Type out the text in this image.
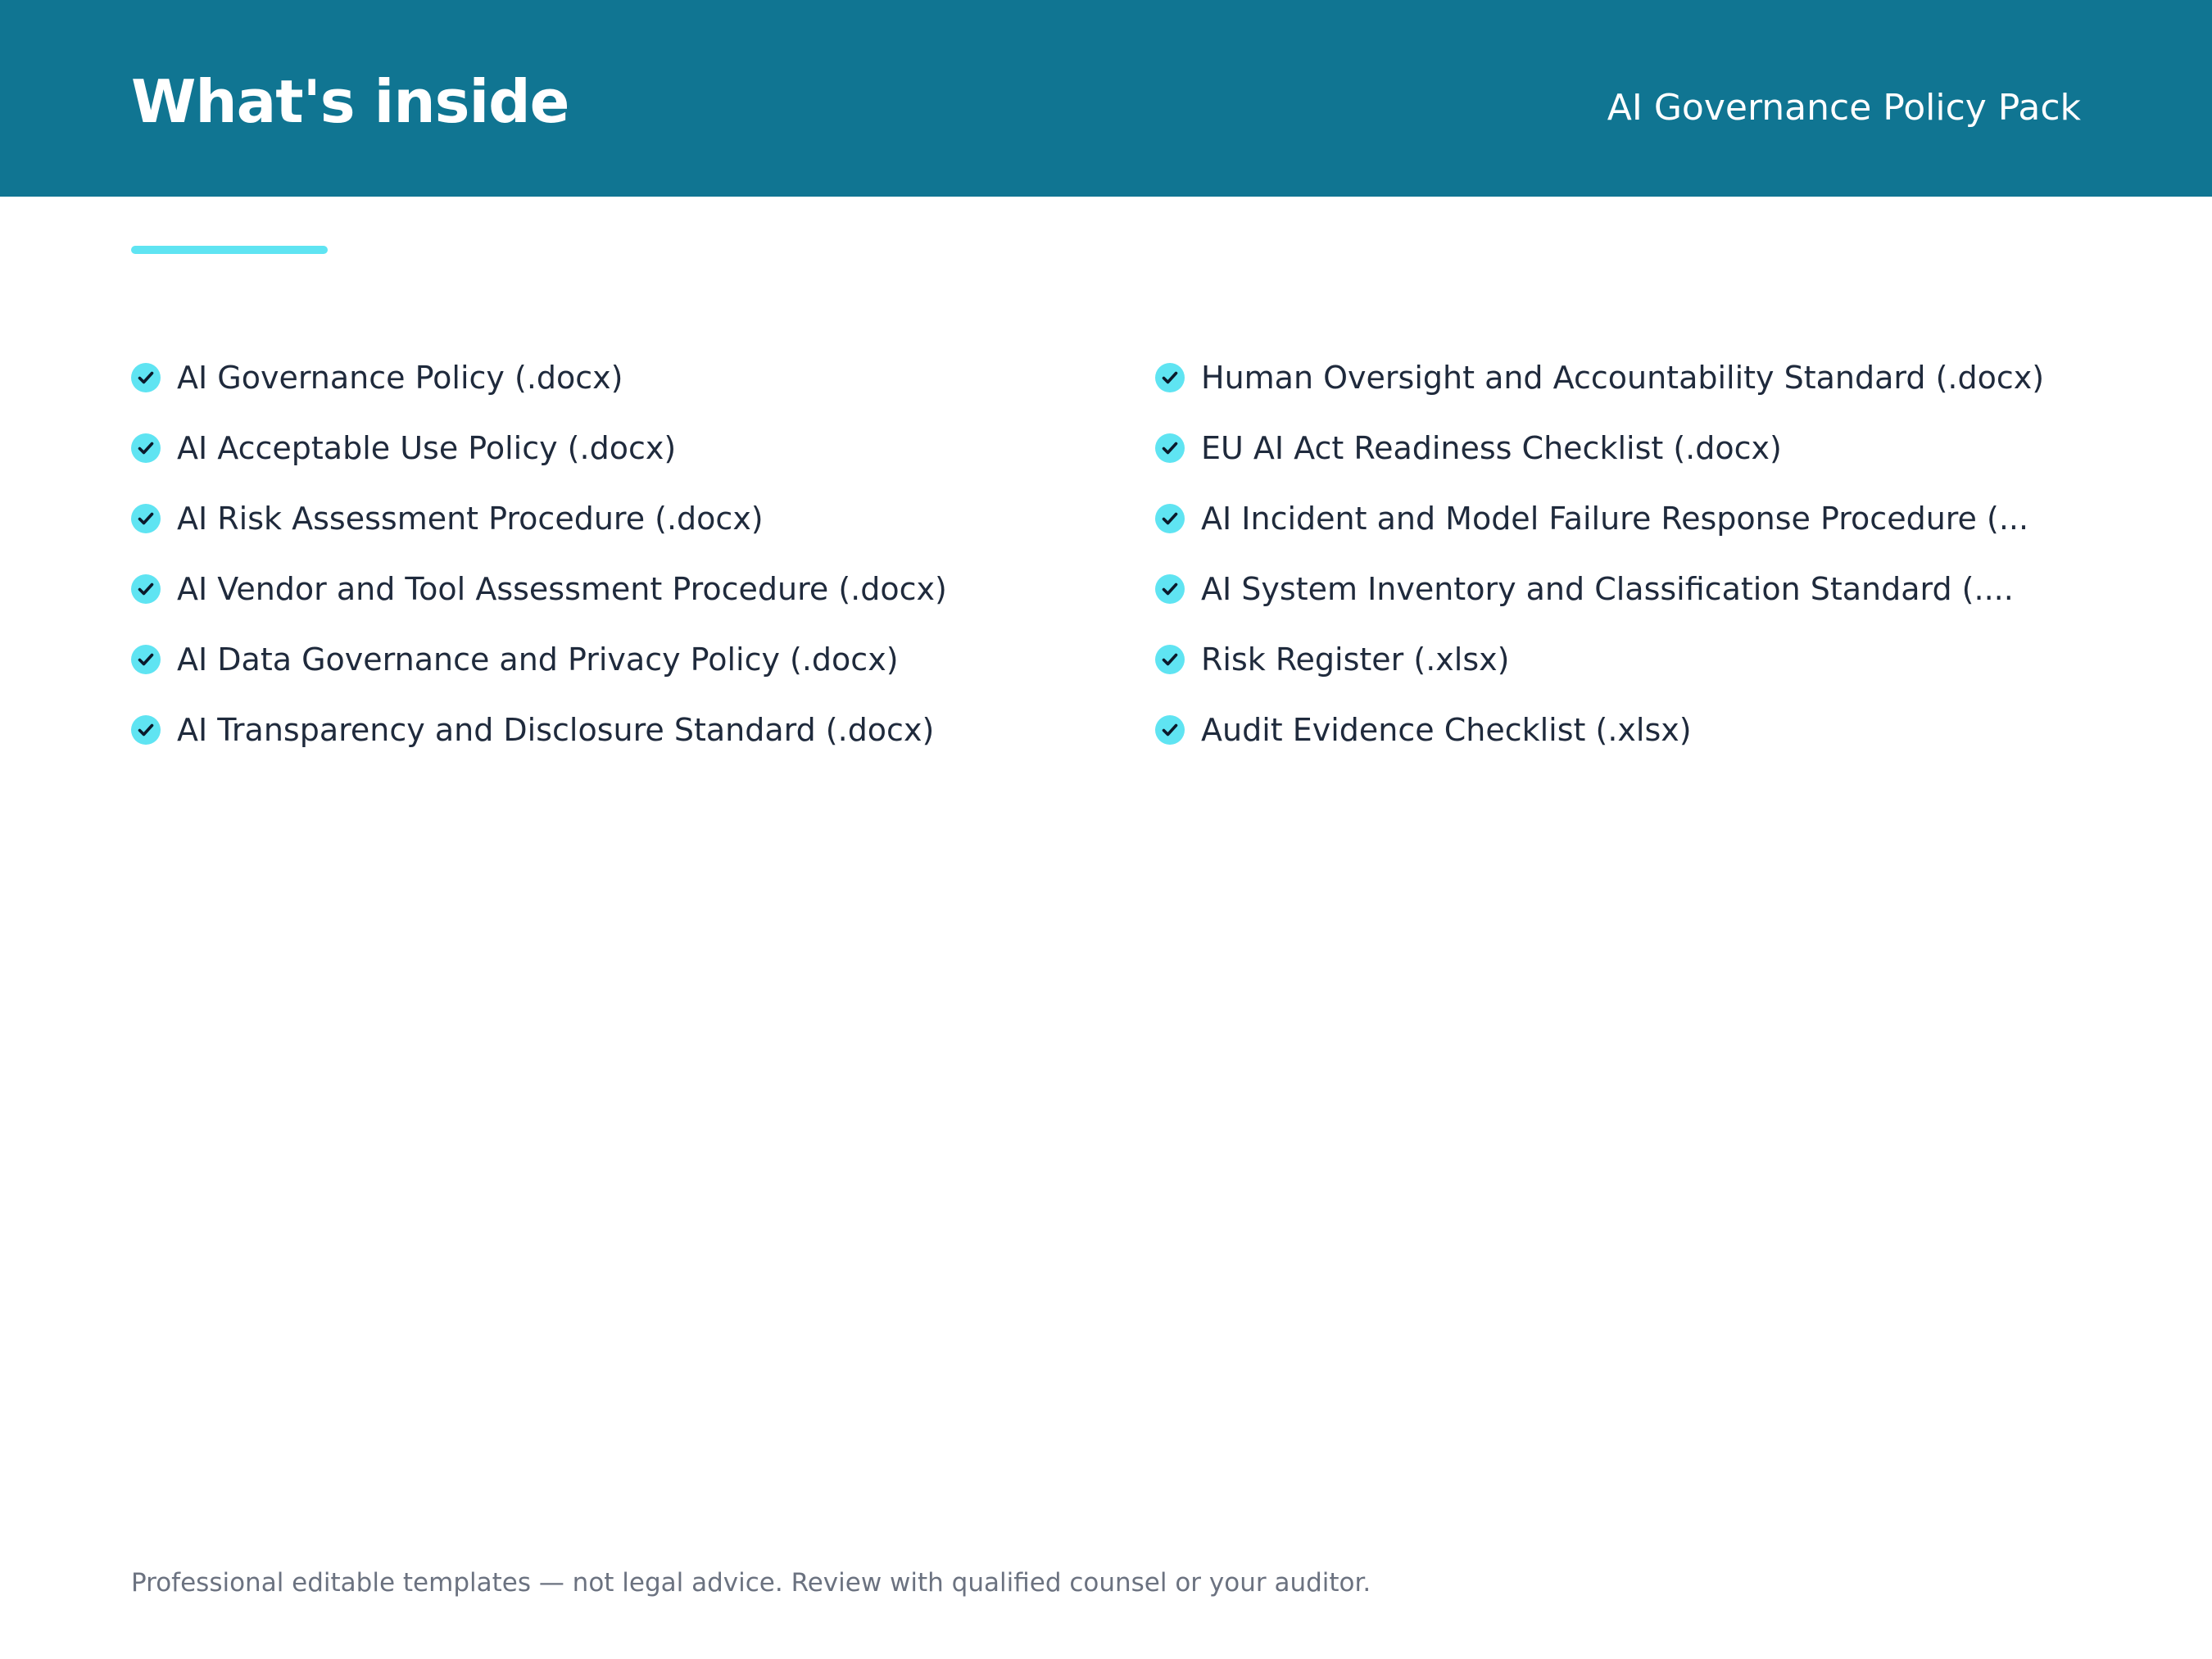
What's inside	AI Governance Policy Pack
AI Governance Policy (.docx)
AI Acceptable Use Policy (.docx)
AI Risk Assessment Procedure (.docx)
AI Vendor and Tool Assessment Procedure (.docx)
AI Data Governance and Privacy Policy (.docx)
AI Transparency and Disclosure Standard (.docx)
Human Oversight and Accountability Standard (.docx)
EU AI Act Readiness Checklist (.docx)
AI Incident and Model Failure Response Procedure (...
AI System Inventory and Classification Standard (....
Risk Register (.xlsx)
Audit Evidence Checklist (.xlsx)
Professional editable templates — not legal advice. Review with qualified counsel or your auditor.
